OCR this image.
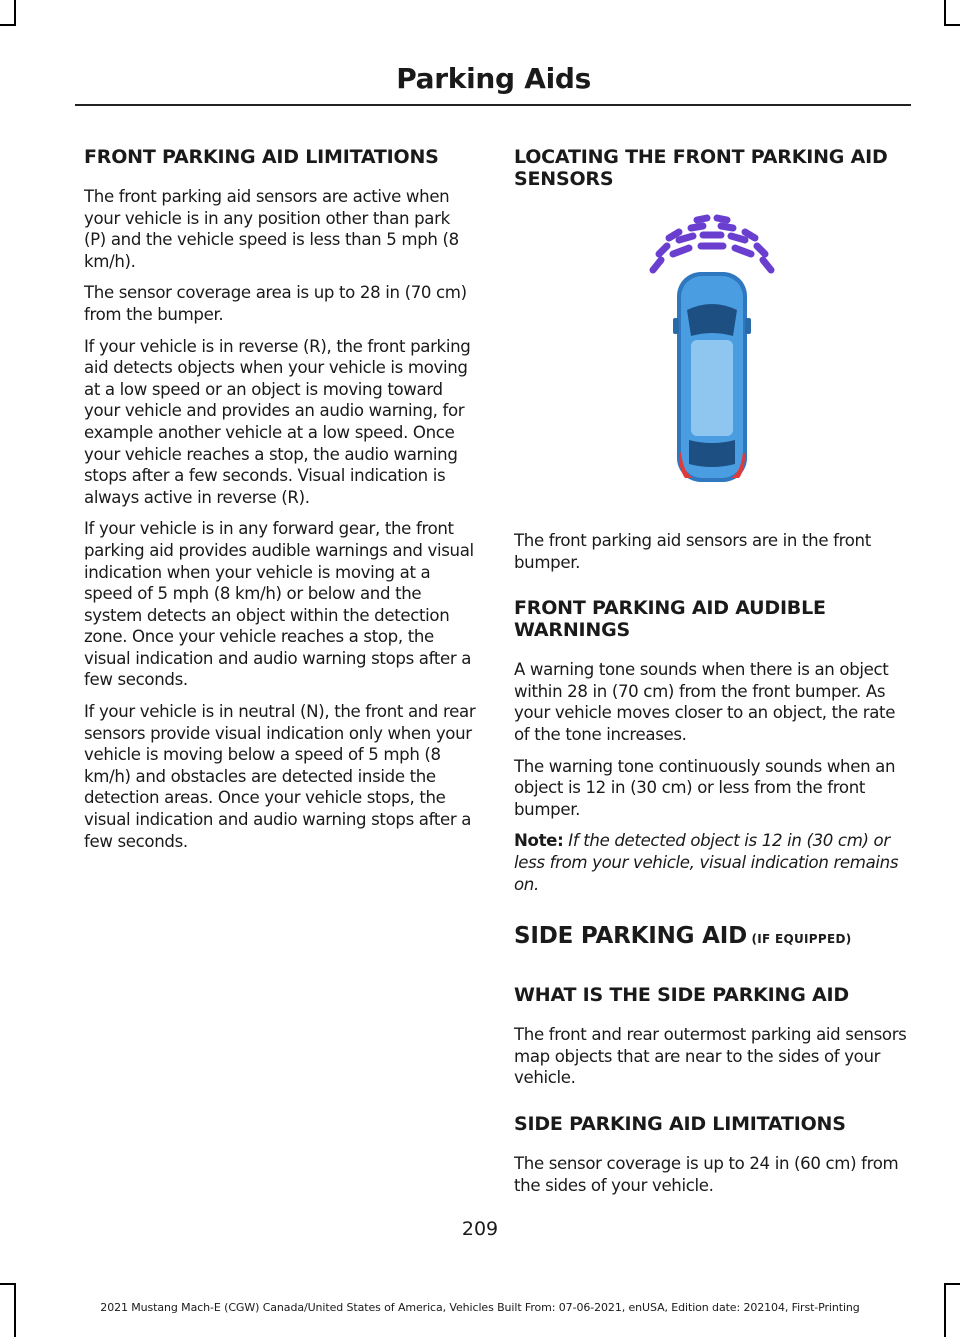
Parking Aids
FRONT PARKING AID LIMITATIONS

The front parking aid sensors are active when your vehicle is in any position other than park (P) and the vehicle speed is less than 5 mph (8 km/h).

The sensor coverage area is up to 28 in (70 cm) from the bumper.

If your vehicle is in reverse (R), the front parking aid detects objects when your vehicle is moving at a low speed or an object is moving toward your vehicle and provides an audio warning, for example another vehicle at a low speed. Once your vehicle reaches a stop, the audio warning stops after a few seconds. Visual indication is always active in reverse (R).

If your vehicle is in any forward gear, the front parking aid provides audible warnings and visual indication when your vehicle is moving at a speed of 5 mph (8 km/h) or below and the system detects an object within the detection zone. Once your vehicle reaches a stop, the visual indication and audio warning stops after a few seconds.

If your vehicle is in neutral (N), the front and rear sensors provide visual indication only when your vehicle is moving below a speed of 5 mph (8 km/h) and obstacles are detected inside the detection areas. Once your vehicle stops, the visual indication and audio warning stops after a few seconds.

LOCATING THE FRONT PARKING AID SENSORS

The front parking aid sensors are in the front bumper.

FRONT PARKING AID AUDIBLE WARNINGS

A warning tone sounds when there is an object within 28 in (70 cm) from the front bumper. As your vehicle moves closer to an object, the rate of the tone increases.

The warning tone continuously sounds when an object is 12 in (30 cm) or less from the front bumper.

Note: If the detected object is 12 in (30 cm) or less from your vehicle, visual indication remains on.

SIDE PARKING AID (IF EQUIPPED)
WHAT IS THE SIDE PARKING AID

The front and rear outermost parking aid sensors map objects that are near to the sides of your vehicle.

SIDE PARKING AID LIMITATIONS

The sensor coverage is up to 24 in (60 cm) from the sides of your vehicle.

209
2021 Mustang Mach-E (CGW) Canada/United States of America, Vehicles Built From: 07-06-2021, enUSA, Edition date: 202104, First-Printing
